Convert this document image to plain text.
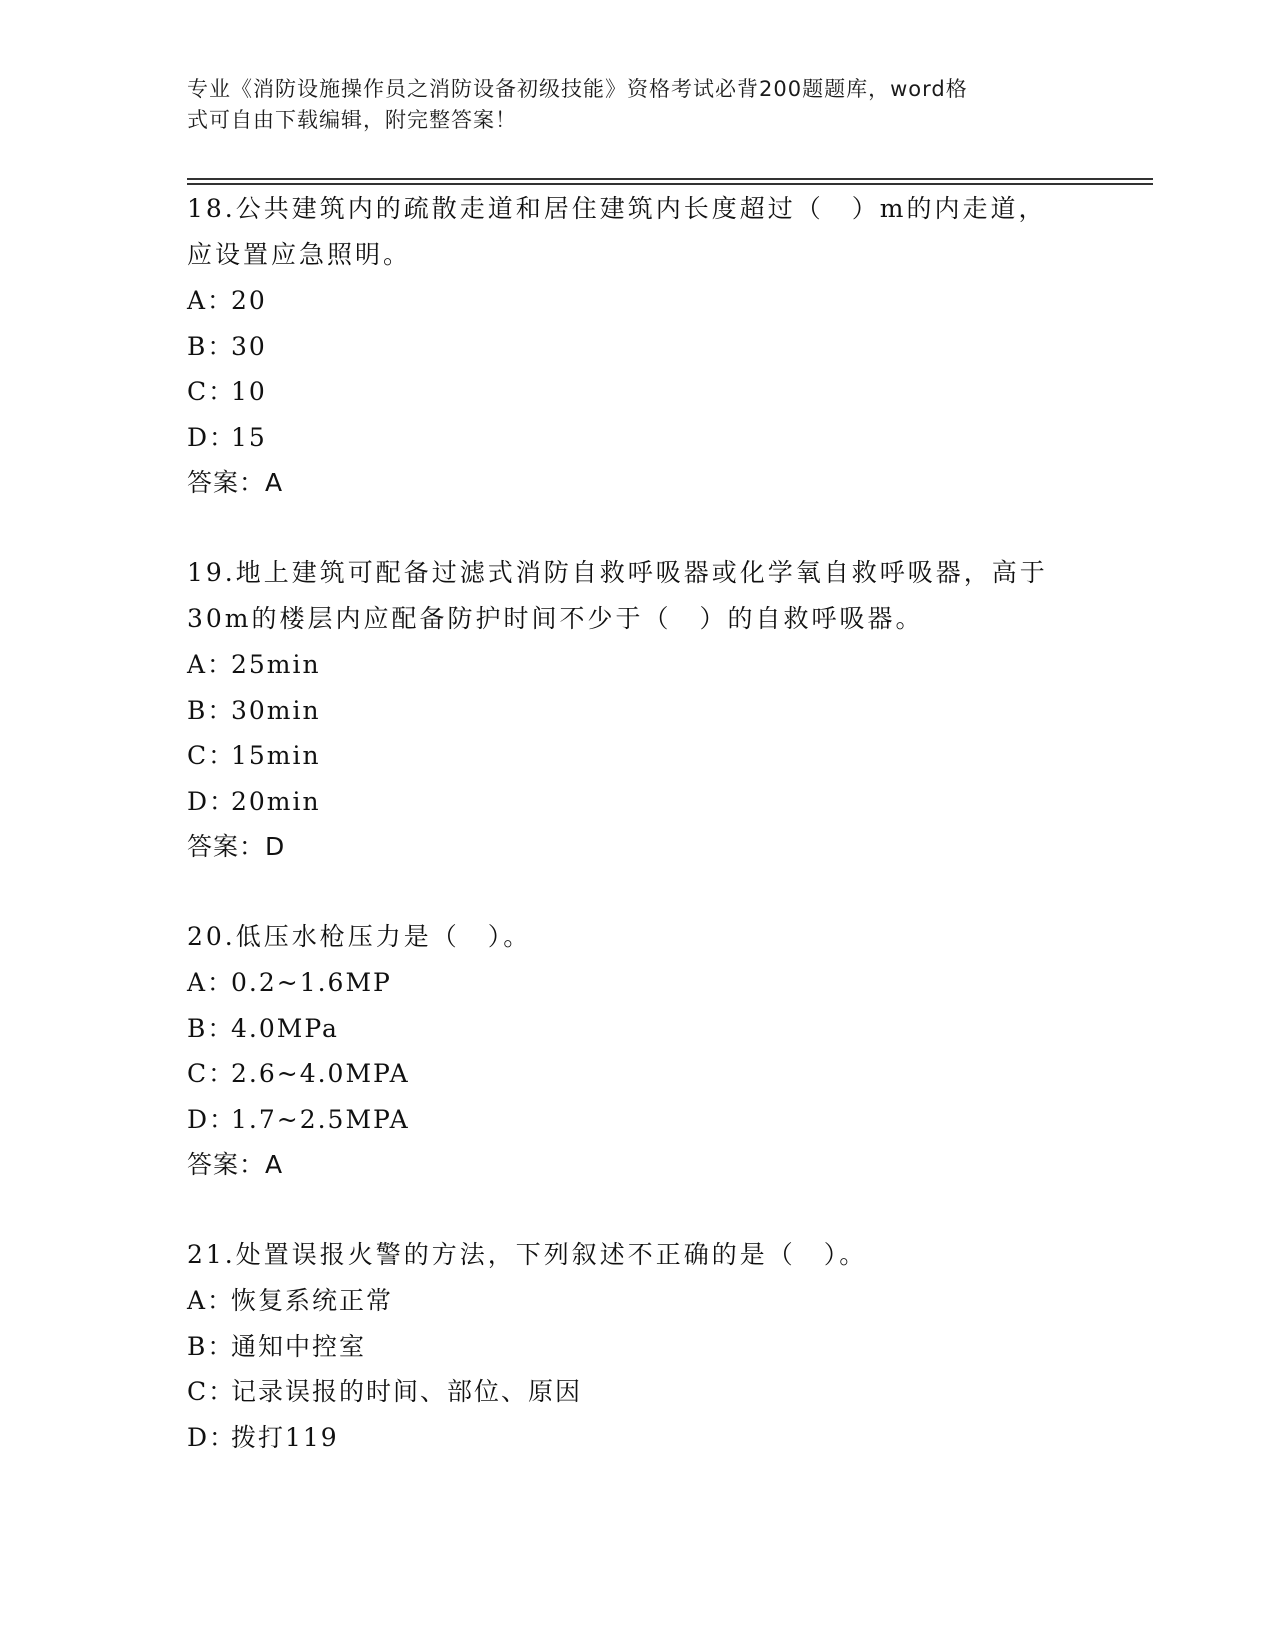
专业《消防设施操作员之消防设备初级技能》资格考试必背200题题库，word格
式可自由下载编辑，附完整答案！
18.公共建筑内的疏散走道和居住建筑内长度超过（　）m的内走道，
应设置应急照明。
A：20
B：30
C：10
D：15
答案：A
19.地上建筑可配备过滤式消防自救呼吸器或化学氧自救呼吸器，高于
30m的楼层内应配备防护时间不少于（　）的自救呼吸器。
A：25min
B：30min
C：15min
D：20min
答案：D
20.低压水枪压力是（　）。
A：0.2~1.6MP
B：4.0MPa
C：2.6~4.0MPA
D：1.7~2.5MPA
答案：A
21.处置误报火警的方法，下列叙述不正确的是（　）。
A：恢复系统正常
B：通知中控室
C：记录误报的时间、部位、原因
D：拨打119
